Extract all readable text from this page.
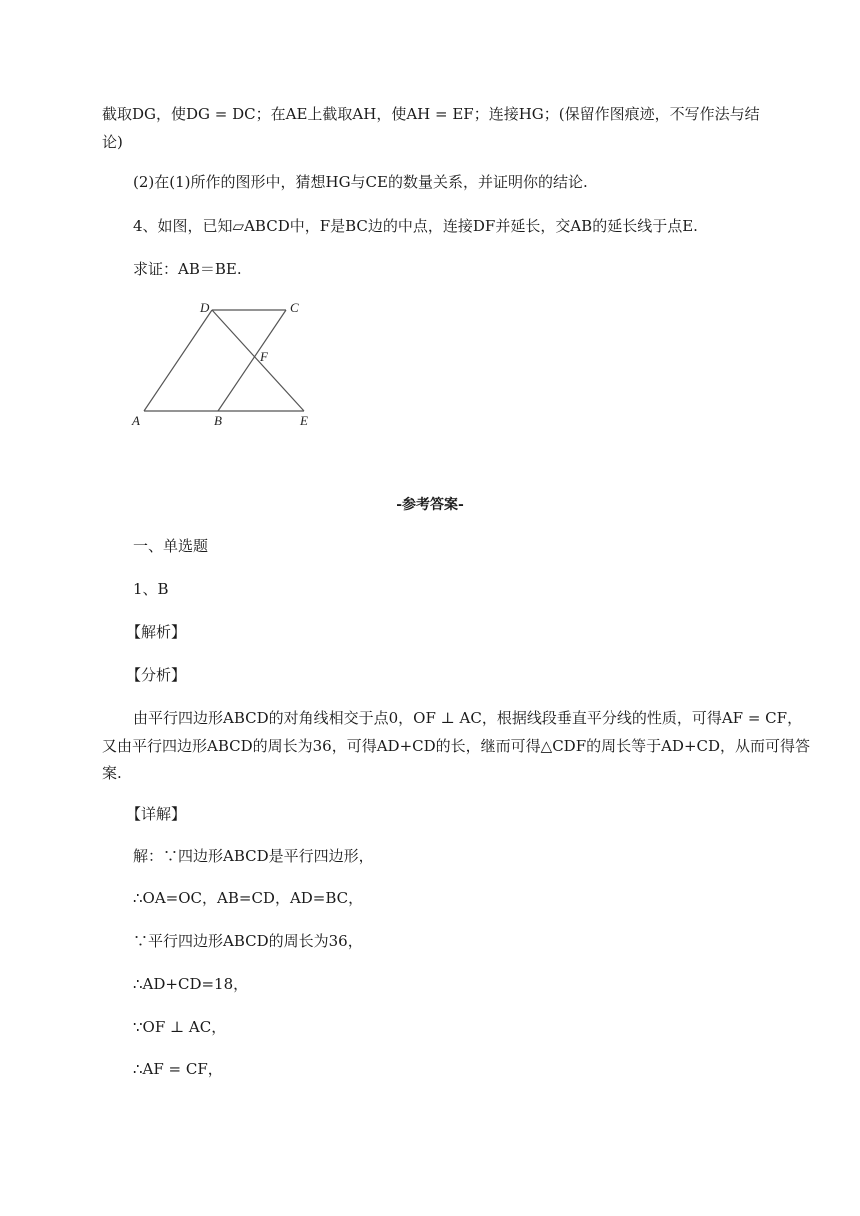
截取DG，使DG = DC；在AE上截取AH，使AH = EF；连接HG；(保留作图痕迹，不写作法与结
论)
(2)在(1)所作的图形中，猜想HG与CE的数量关系，并证明你的结论.
4、如图，已知▱ABCD中，F是BC边的中点，连接DF并延长，交AB的延长线于点E.
求证：AB＝BE.
D	C
F
A	B	E
-参考答案-
一、单选题
1、B
【解析】
【分析】
由平行四边形ABCD的对角线相交于点0，OF ⊥ AC，根据线段垂直平分线的性质，可得AF = CF，
又由平行四边形ABCD的周长为36，可得AD+CD的长，继而可得△CDF的周长等于AD+CD，从而可得答
案.
【详解】
解：∵四边形ABCD是平行四边形，
∴OA=OC，AB=CD，AD=BC，
∵平行四边形ABCD的周长为36，
∴AD+CD=18，
∵OF ⊥ AC，
∴AF = CF，
